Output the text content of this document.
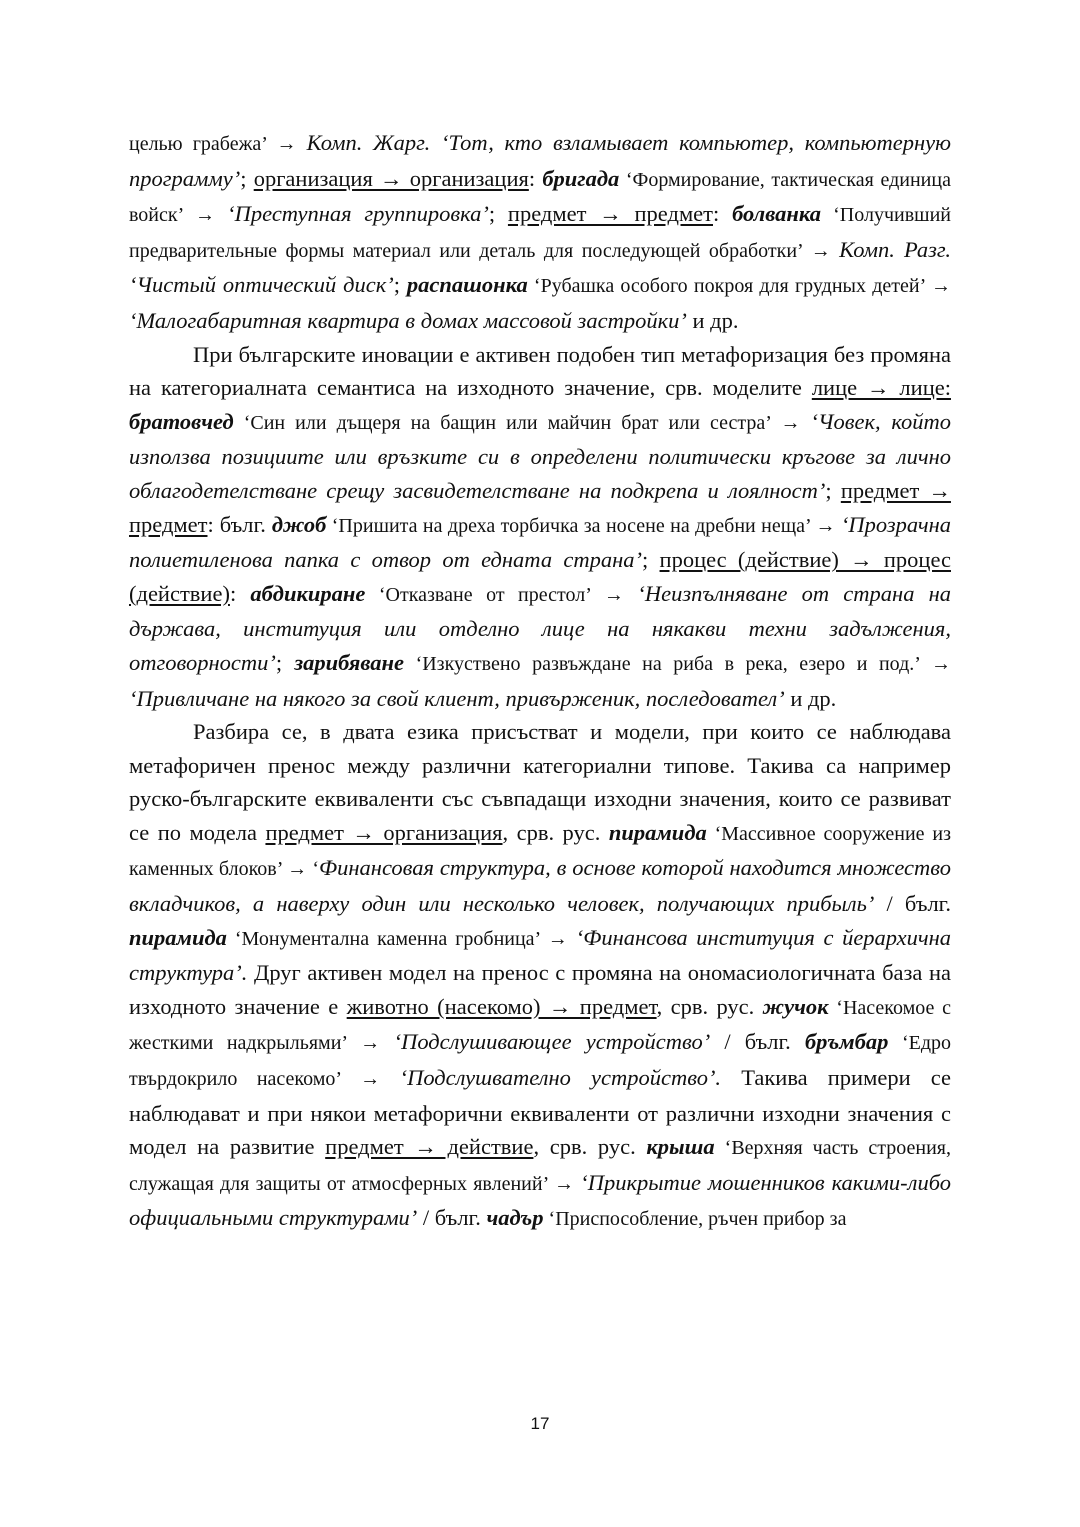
целью грабежа’ → Комп. Жарг. ‘Тот, кто взламывает компьютер, компьютерную программу’; организация → организация: бригада ‘Формирование, тактическая единица войск’ → ‘Преступная группировка’; предмет → предмет: болванка ‘Получивший предварительные формы материал или деталь для последующей обработки’ → Комп. Разг. ‘Чистый оптический диск’; распашонка ‘Рубашка особого покроя для грудных детей’ → ‘Малогабаритная квартира в домах массовой застройки’ и др.

При българските иновации е активен подобен тип метафоризация без промяна на категориалната семантиса на изходното значение, срв. моделите лице → лице: братовчед ‘Син или дъщеря на бащин или майчин брат или сестра’ → ‘Човек, който използва позициите или връзките си в определени политически кръгове за лично облагодетелстване срещу засвидетелстване на подкрепа и лоялност’; предмет → предмет: бълг. джоб ‘Пришита на дреха торбичка за носене на дребни неща’ → ‘Прозрачна полиетиленова папка с отвор от едната страна’; процес (действие) → процес (действие): абдикиране ‘Отказване от престол’ → ‘Неизпълняване от страна на държава, институция или отделно лице на някакви техни задължения, отговорности’; зарибяване ‘Изкуствено развъждане на риба в река, езеро и под.’ → ‘Привличане на някого за свой клиент, привърженик, последовател’ и др.

Разбира се, в двата езика присъстват и модели, при които се наблюдава метафоричен пренос между различни категориални типове. Такива са например руско-българските еквиваленти със съвпадащи изходни значения, които се развиват се по модела предмет → организация, срв. рус. пирамида ‘Массивное сооружение из каменных блоков’ → ‘Финансовая структура, в основе которой находится множество вкладчиков, а наверху один или несколько человек, получающих прибыль’ / бълг. пирамида ‘Монументална каменна гробница’ → ‘Финансова институция с йерархична структура’. Друг активен модел на пренос с промяна на ономасиологичната база на изходното значение е животно (насекомо) → предмет, срв. рус. жучок ‘Насекомое с жесткими надкрыльями’ → ‘Подслушивающее устройство’ / бълг. бръмбар ‘Едро твърдокрило насекомо’ → ‘Подслушвателно устройство’. Такива примери се наблюдават и при някои метафорични еквиваленти от различни изходни значения с модел на развитие предмет → действие, срв. рус. крыша ‘Верхняя часть строения, служащая для защиты от атмосферных явлений’ → ‘Прикрытие мошенников какими-либо официальными структурами’ / бълг. чадър ‘Приспособление, ръчен прибор за

17
